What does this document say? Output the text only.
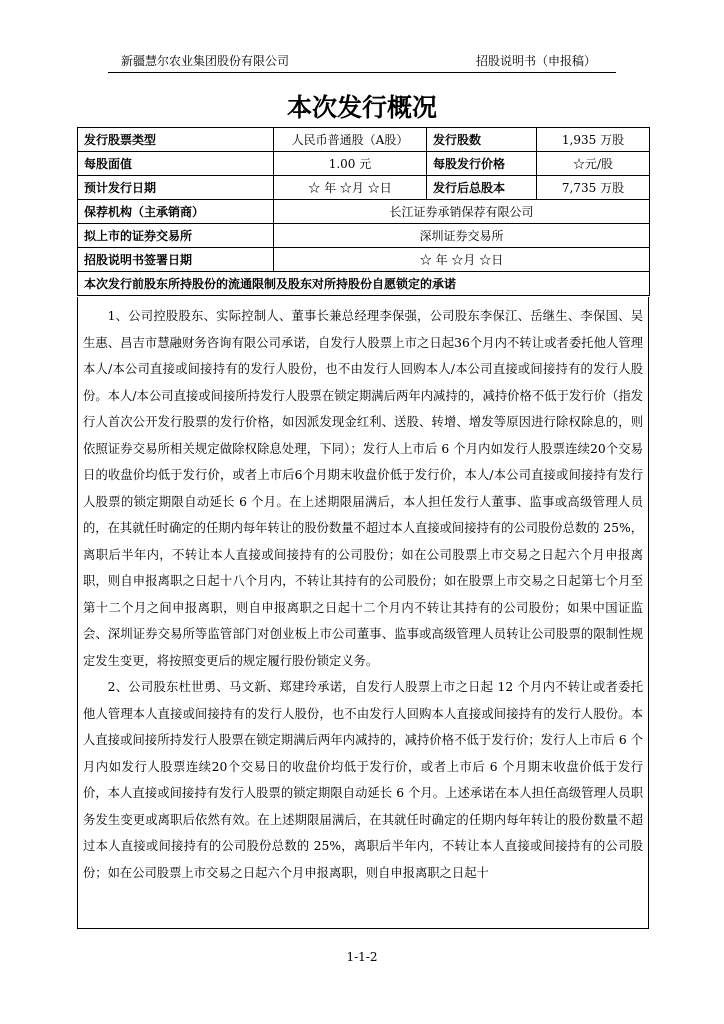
新疆慧尔农业集团股份有限公司	招股说明书（申报稿）
本次发行概况
发行股票类型	人民币普通股（A股）	发行股数	1,935 万股
每股面值	1.00 元	每股发行价格	☆元/股
预计发行日期	☆ 年 ☆月 ☆日	发行后总股本	7,735 万股
保荐机构（主承销商）	长江证券承销保荐有限公司		
拟上市的证券交易所	深圳证券交易所		
招股说明书签署日期	☆ 年 ☆月 ☆日		
本次发行前股东所持股份的流通限制及股东对所持股份自愿锁定的承诺			

1、公司控股股东、实际控制人、董事长兼总经理李保强，公司股东李保江、岳继生、李保国、吴生惠、昌吉市慧融财务咨询有限公司承诺，自发行人股票上市之日起36个月内不转让或者委托他人管理本人/本公司直接或间接持有的发行人股份，也不由发行人回购本人/本公司直接或间接持有的发行人股份。本人/本公司直接或间接所持发行人股票在锁定期满后两年内减持的，减持价格不低于发行价（指发行人首次公开发行股票的发行价格，如因派发现金红利、送股、转增、增发等原因进行除权除息的，则依照证券交易所相关规定做除权除息处理，下同）；发行人上市后 6 个月内如发行人股票连续20个交易日的收盘价均低于发行价，或者上市后6个月期末收盘价低于发行价，本人/本公司直接或间接持有发行人股票的锁定期限自动延长 6 个月。在上述期限届满后，本人担任发行人董事、监事或高级管理人员的，在其就任时确定的任期内每年转让的股份数量不超过本人直接或间接持有的公司股份总数的 25%，离职后半年内，不转让本人直接或间接持有的公司股份；如在公司股票上市交易之日起六个月申报离职，则自申报离职之日起十八个月内，不转让其持有的公司股份；如在股票上市交易之日起第七个月至第十二个月之间申报离职，则自申报离职之日起十二个月内不转让其持有的公司股份；如果中国证监会、深圳证券交易所等监管部门对创业板上市公司董事、监事或高级管理人员转让公司股票的限制性规定发生变更，将按照变更后的规定履行股份锁定义务。

2、公司股东杜世勇、马文新、郑建玲承诺，自发行人股票上市之日起 12 个月内不转让或者委托他人管理本人直接或间接持有的发行人股份，也不由发行人回购本人直接或间接持有的发行人股份。本人直接或间接所持发行人股票在锁定期满后两年内减持的，减持价格不低于发行价；发行人上市后 6 个月内如发行人股票连续20个交易日的收盘价均低于发行价，或者上市后 6 个月期末收盘价低于发行价，本人直接或间接持有发行人股票的锁定期限自动延长 6 个月。上述承诺在本人担任高级管理人员职务发生变更或离职后依然有效。在上述期限届满后，在其就任时确定的任期内每年转让的股份数量不超过本人直接或间接持有的公司股份总数的 25%，离职后半年内，不转让本人直接或间接持有的公司股份；如在公司股票上市交易之日起六个月申报离职，则自申报离职之日起十

1-1-2
